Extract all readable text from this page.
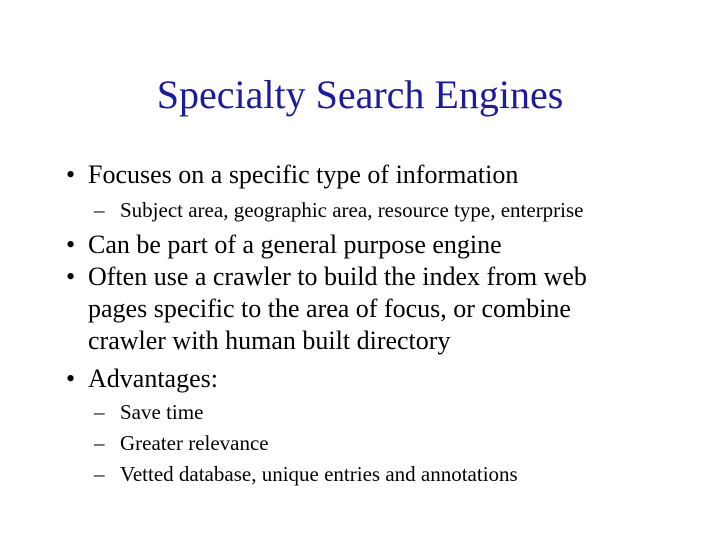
Specialty Search Engines
• Focuses on a specific type of information
– Subject area, geographic area, resource type, enterprise
• Can be part of a general purpose engine
• Often use a crawler to build the index from web
pages specific to the area of focus, or combine
crawler with human built directory
• Advantages:
– Save time
– Greater relevance
– Vetted database, unique entries and annotations
